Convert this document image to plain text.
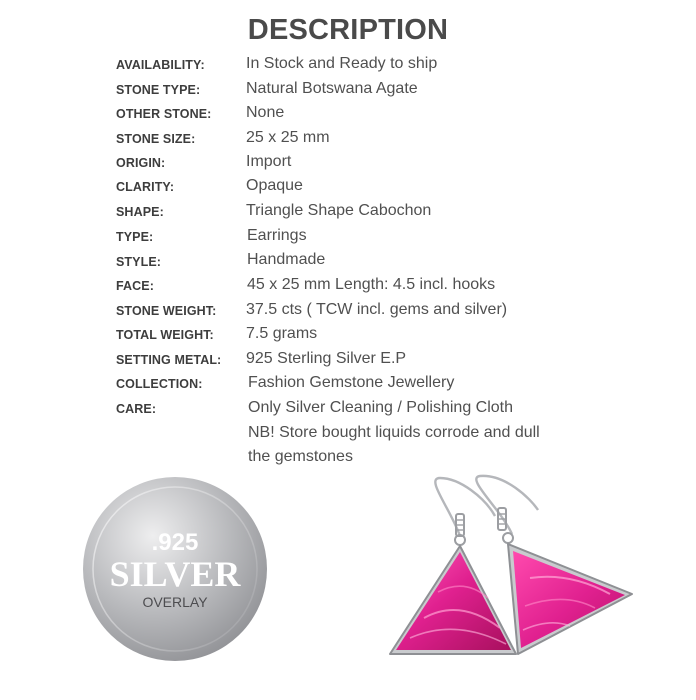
DESCRIPTION
AVAILABILITY:	In Stock and Ready to ship
STONE TYPE:	Natural Botswana Agate
OTHER STONE: None
STONE SIZE:	25 x 25 mm
ORIGIN:	Import
CLARITY:	Opaque
SHAPE:	Triangle Shape Cabochon
TYPE:	Earrings
STYLE:	Handmade
FACE:	45 x 25 mm Length: 4.5 incl. hooks
STONE WEIGHT: 37.5 cts ( TCW incl. gems and silver)
TOTAL WEIGHT: 7.5 grams
SETTING METAL: 925 Sterling Silver E.P
COLLECTION:	Fashion Gemstone Jewellery
CARE:	Only Silver Cleaning / Polishing Cloth
NB! Store bought liquids corrode and dull
the gemstones
.925
SILVER
OVERLAY
